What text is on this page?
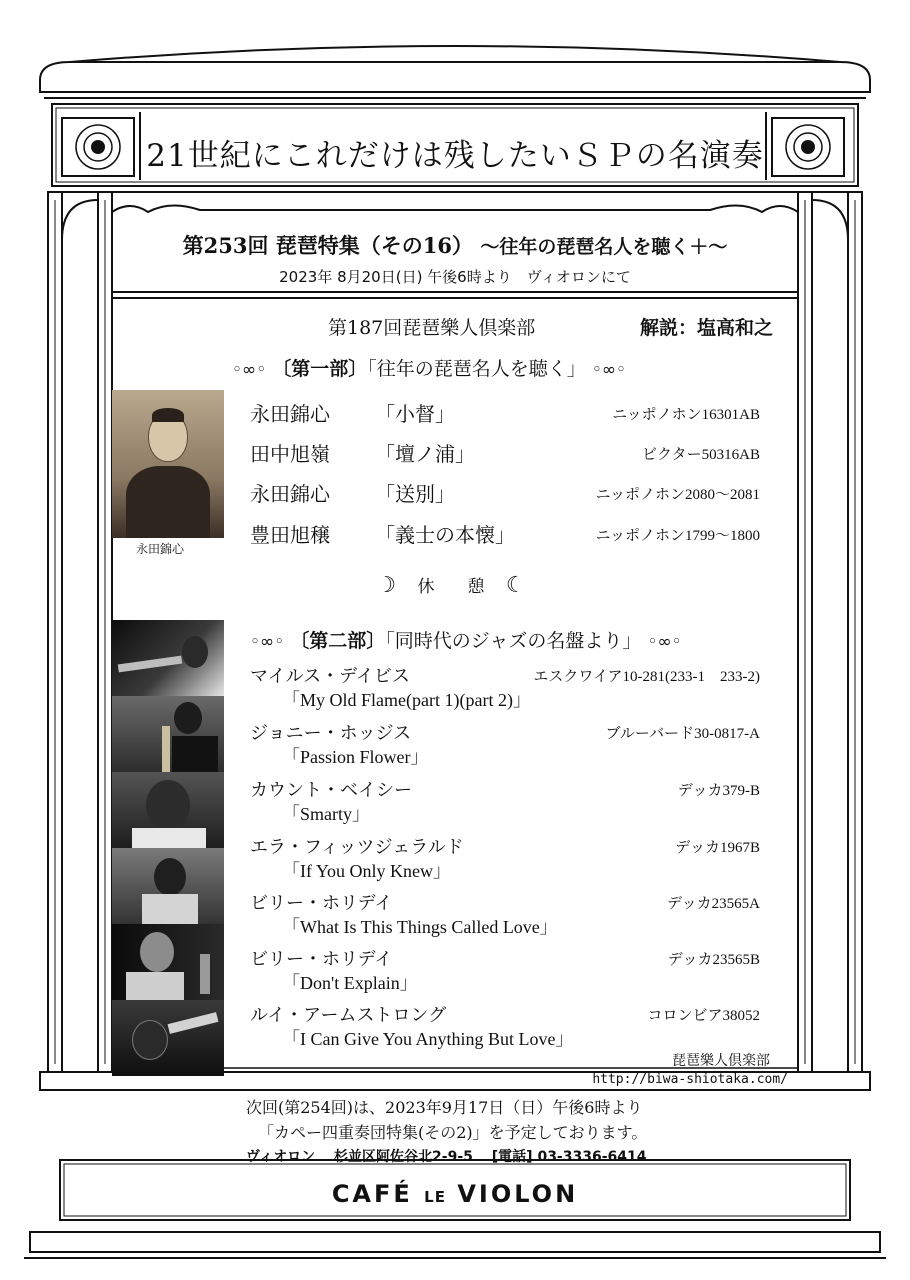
21世紀にこれだけは残したいＳＰの名演奏
第253回 琵琶特集（その16） ～往年の琵琶名人を聴く＋～
2023年 8月20日(日) 午後6時より　ヴィオロンにて
第187回琵琶樂人倶楽部	解説：塩高和之
◦∞◦ 〔第一部〕「往年の琵琶名人を聴く」 ◦∞◦
永田錦心
永田錦心 「小督」	ニッポノホン16301AB
田中旭嶺 「壇ノ浦」	ビクター50316AB
永田錦心 「送別」	ニッポノホン2080～2081
豊田旭穣 「義士の本懐」	ニッポノホン1799～1800
☽ 休　憩 ☾
◦∞◦ 〔第二部〕「同時代のジャズの名盤より」 ◦∞◦
マイルス・デイビス	エスクワイア10-281(233-1　233-2)
「My Old Flame(part 1)(part 2)」
ジョニー・ホッジス	ブルーバード30-0817-A
「Passion Flower」
カウント・ベイシー	デッカ379-B
「Smarty」
エラ・フィッツジェラルド	デッカ1967B
「If You Only Knew」
ビリー・ホリデイ	デッカ23565A
「What Is This Things Called Love」
ビリー・ホリデイ	デッカ23565B
「Don't Explain」
ルイ・アームストロング	コロンビア38052
「I Can Give You Anything But Love」
琵琶樂人倶楽部
http://biwa-shiotaka.com/
次回(第254回)は、2023年9月17日（日）午後6時より
「カペー四重奏団特集(その2)」を予定しております。
ヴィオロン 杉並区阿佐谷北2-9-5 [電話] 03-3336-6414
CAFÉ LE VIOLON
